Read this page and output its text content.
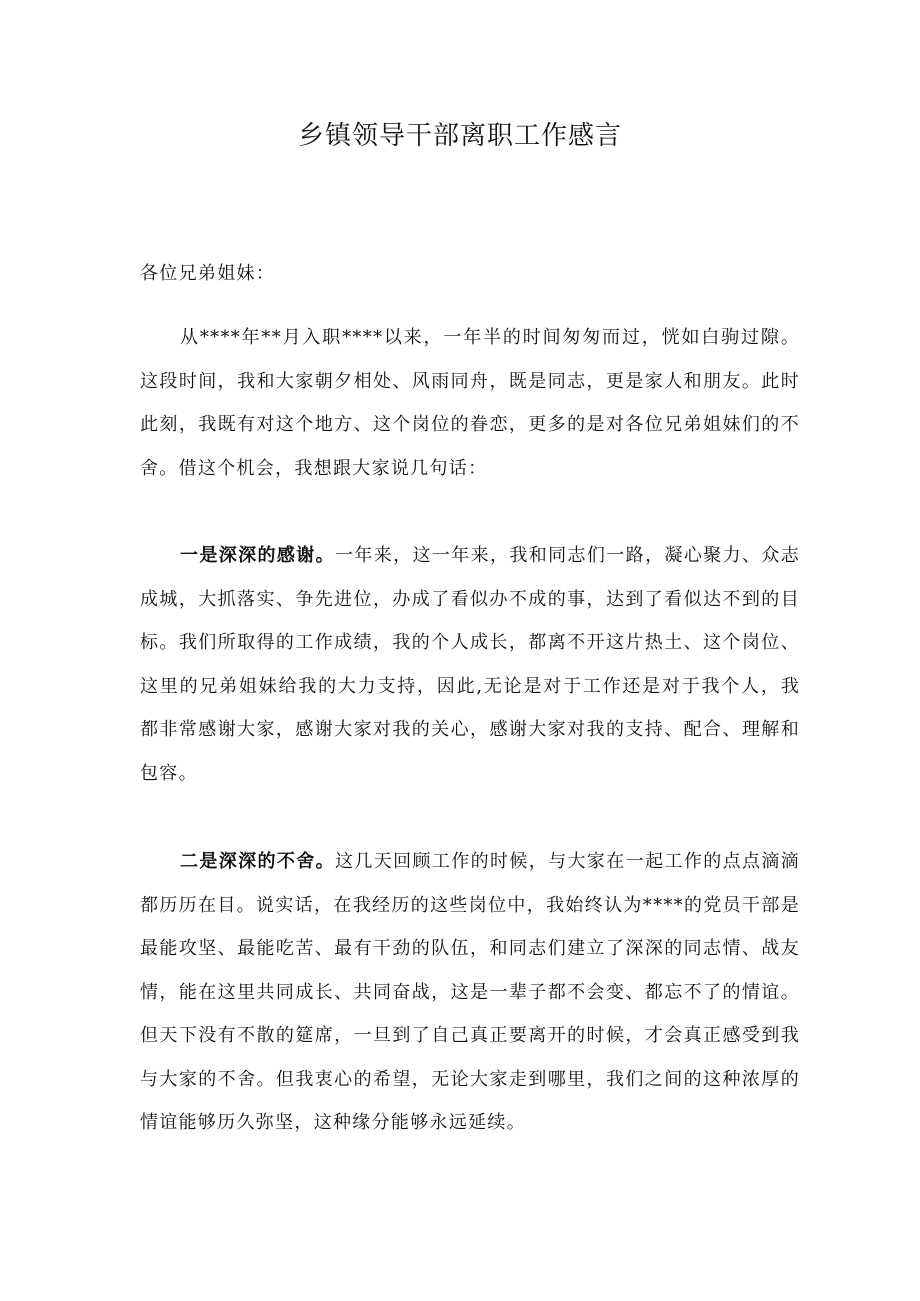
乡镇领导干部离职工作感言

各位兄弟姐妹：

从****年**月入职****以来，一年半的时间匆匆而过，恍如白驹过隙。这段时间，我和大家朝夕相处、风雨同舟，既是同志，更是家人和朋友。此时此刻，我既有对这个地方、这个岗位的眷恋，更多的是对各位兄弟姐妹们的不舍。借这个机会，我想跟大家说几句话：

一是深深的感谢。一年来，这一年来，我和同志们一路，凝心聚力、众志成城，大抓落实、争先进位，办成了看似办不成的事，达到了看似达不到的目标。我们所取得的工作成绩，我的个人成长，都离不开这片热土、这个岗位、这里的兄弟姐妹给我的大力支持，因此,无论是对于工作还是对于我个人，我都非常感谢大家，感谢大家对我的关心，感谢大家对我的支持、配合、理解和包容。

二是深深的不舍。这几天回顾工作的时候，与大家在一起工作的点点滴滴都历历在目。说实话，在我经历的这些岗位中，我始终认为****的党员干部是最能攻坚、最能吃苦、最有干劲的队伍，和同志们建立了深深的同志情、战友情，能在这里共同成长、共同奋战，这是一辈子都不会变、都忘不了的情谊。但天下没有不散的筵席，一旦到了自己真正要离开的时候，才会真正感受到我与大家的不舍。但我衷心的希望，无论大家走到哪里，我们之间的这种浓厚的情谊能够历久弥坚，这种缘分能够永远延续。
